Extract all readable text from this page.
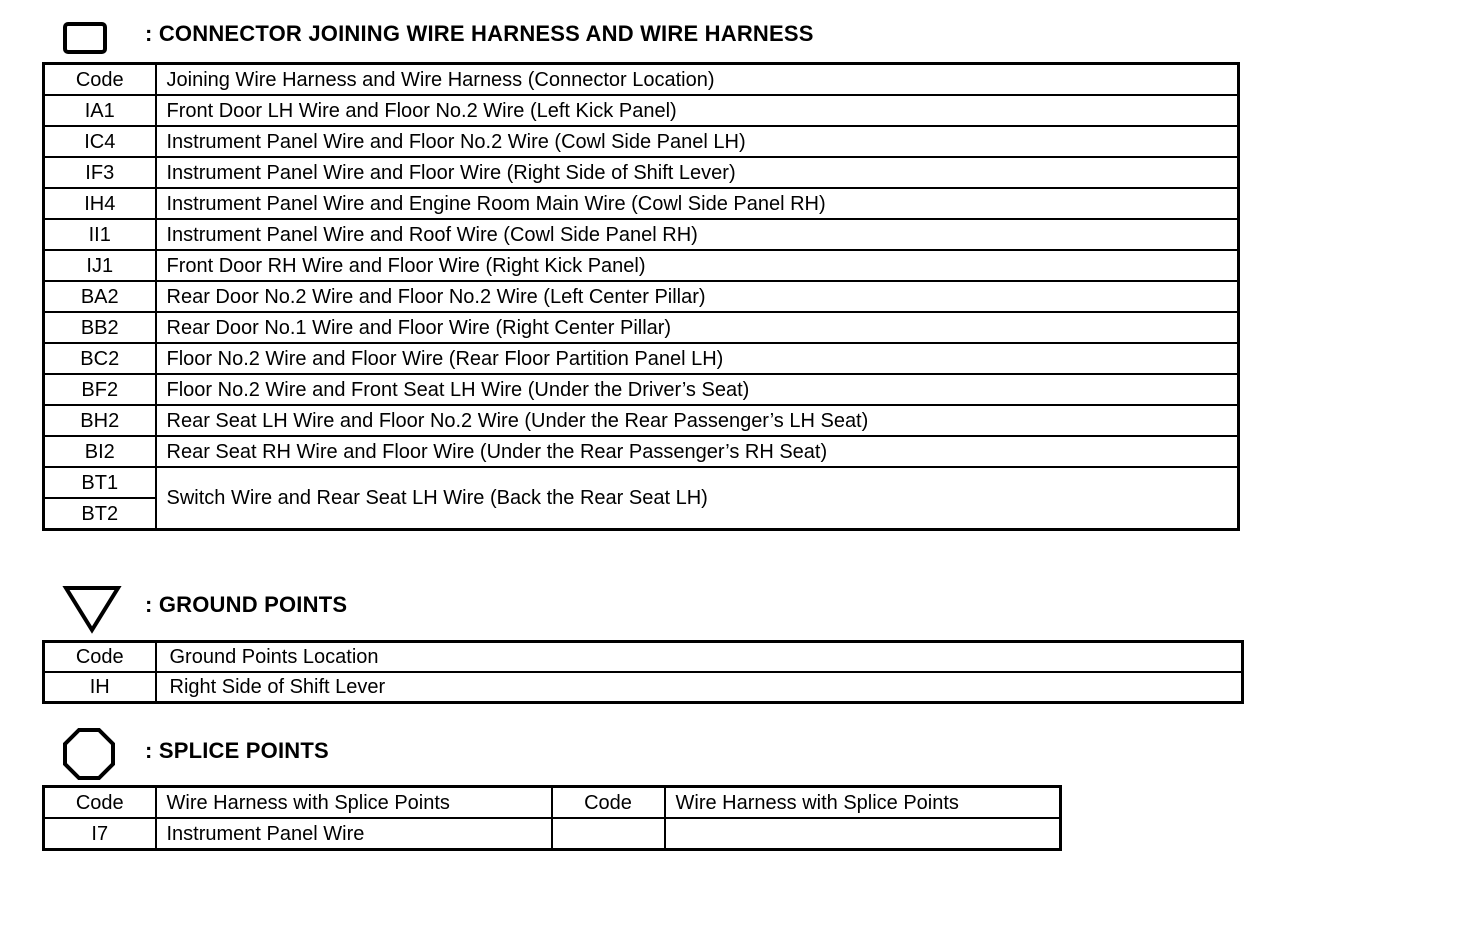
: CONNECTOR JOINING WIRE HARNESS AND WIRE HARNESS
Code	Joining Wire Harness and Wire Harness (Connector Location)
IA1	Front Door LH Wire and Floor No.2 Wire (Left Kick Panel)
IC4	Instrument Panel Wire and Floor No.2 Wire (Cowl Side Panel LH)
IF3	Instrument Panel Wire and Floor Wire (Right Side of Shift Lever)
IH4	Instrument Panel Wire and Engine Room Main Wire (Cowl Side Panel RH)
II1	Instrument Panel Wire and Roof Wire (Cowl Side Panel RH)
IJ1	Front Door RH Wire and Floor Wire (Right Kick Panel)
BA2	Rear Door No.2 Wire and Floor No.2 Wire (Left Center Pillar)
BB2	Rear Door No.1 Wire and Floor Wire (Right Center Pillar)
BC2	Floor No.2 Wire and Floor Wire (Rear Floor Partition Panel LH)
BF2	Floor No.2 Wire and Front Seat LH Wire (Under the Driver’s Seat)
BH2	Rear Seat LH Wire and Floor No.2 Wire (Under the Rear Passenger’s LH Seat)
BI2	Rear Seat RH Wire and Floor Wire (Under the Rear Passenger’s RH Seat)
BT1	Switch Wire and Rear Seat LH Wire (Back the Rear Seat LH)
BT2	
: GROUND POINTS
Code	Ground Points Location
IH	Right Side of Shift Lever
: SPLICE POINTS
Code	Wire Harness with Splice Points	Code	Wire Harness with Splice Points
I7	Instrument Panel Wire		
